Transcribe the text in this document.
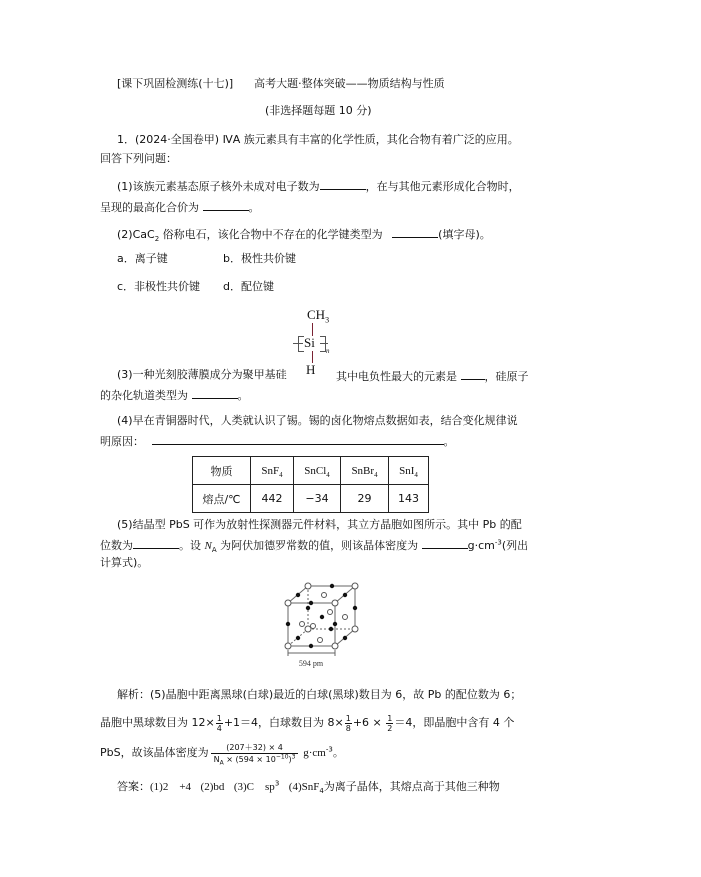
[课下巩固检测练(十七)] 高考大题·整体突破——物质结构与性质
(非选择题每题 10 分)
1．(2024·全国卷甲) ⅣA 族元素具有丰富的化学性质，其化合物有着广泛的应用。
回答下列问题：
(1)该族元素基态原子核外未成对电子数为	，在与其他元素形成化合物时，
呈现的最高化合价为	。
(2)CaC$_2$ 俗称电石，该化合物中不存在的化学键类型为	(填字母)。
a．离子键	b．极性共价键
c．非极性共价键 d．配位键
$CH_3$
Si
n
H
(3)一种光刻胶薄膜成分为聚甲基硅	其中电负性最大的元素是	，硅原子
的杂化轨道类型为	。
(4)早在青铜器时代，人类就认识了锡。锡的卤化物熔点数据如表，结合变化规律说
明原因：	。
物质	SnF$_4$	SnCl$_4$	SnBr$_4$	SnI$_4$
熔点/℃	442	−34	29	143
(5)结晶型 PbS 可作为放射性探测器元件材料，其立方晶胞如图所示。其中 Pb 的配
位数为	。设 $N_A$ 为阿伏加德罗常数的值，则该晶体密度为	$g\cdot cm^{-3}$(列出
计算式)。
594 pm
解析：(5)晶胞中距离黑球(白球)最近的白球(黑球)数目为 6，故 Pb 的配位数为 6；
晶胞中黑球数目为 $12\times \frac{1}{4} +1=4$，白球数目为 $8\times \frac{1}{8} +6 \times \frac{1}{2} =4$，即晶胞中含有 4 个
PbS，故该晶体密度为 $\frac{(207+32) \times 4}{N_A \times (594 \times 10^{-10})^3} g\cdot cm^{-3}$。
答案：(1)2　+4 (2)bd (3)C　$sp^3$ (4)SnF$_4$为离子晶体，其熔点高于其他三种物
